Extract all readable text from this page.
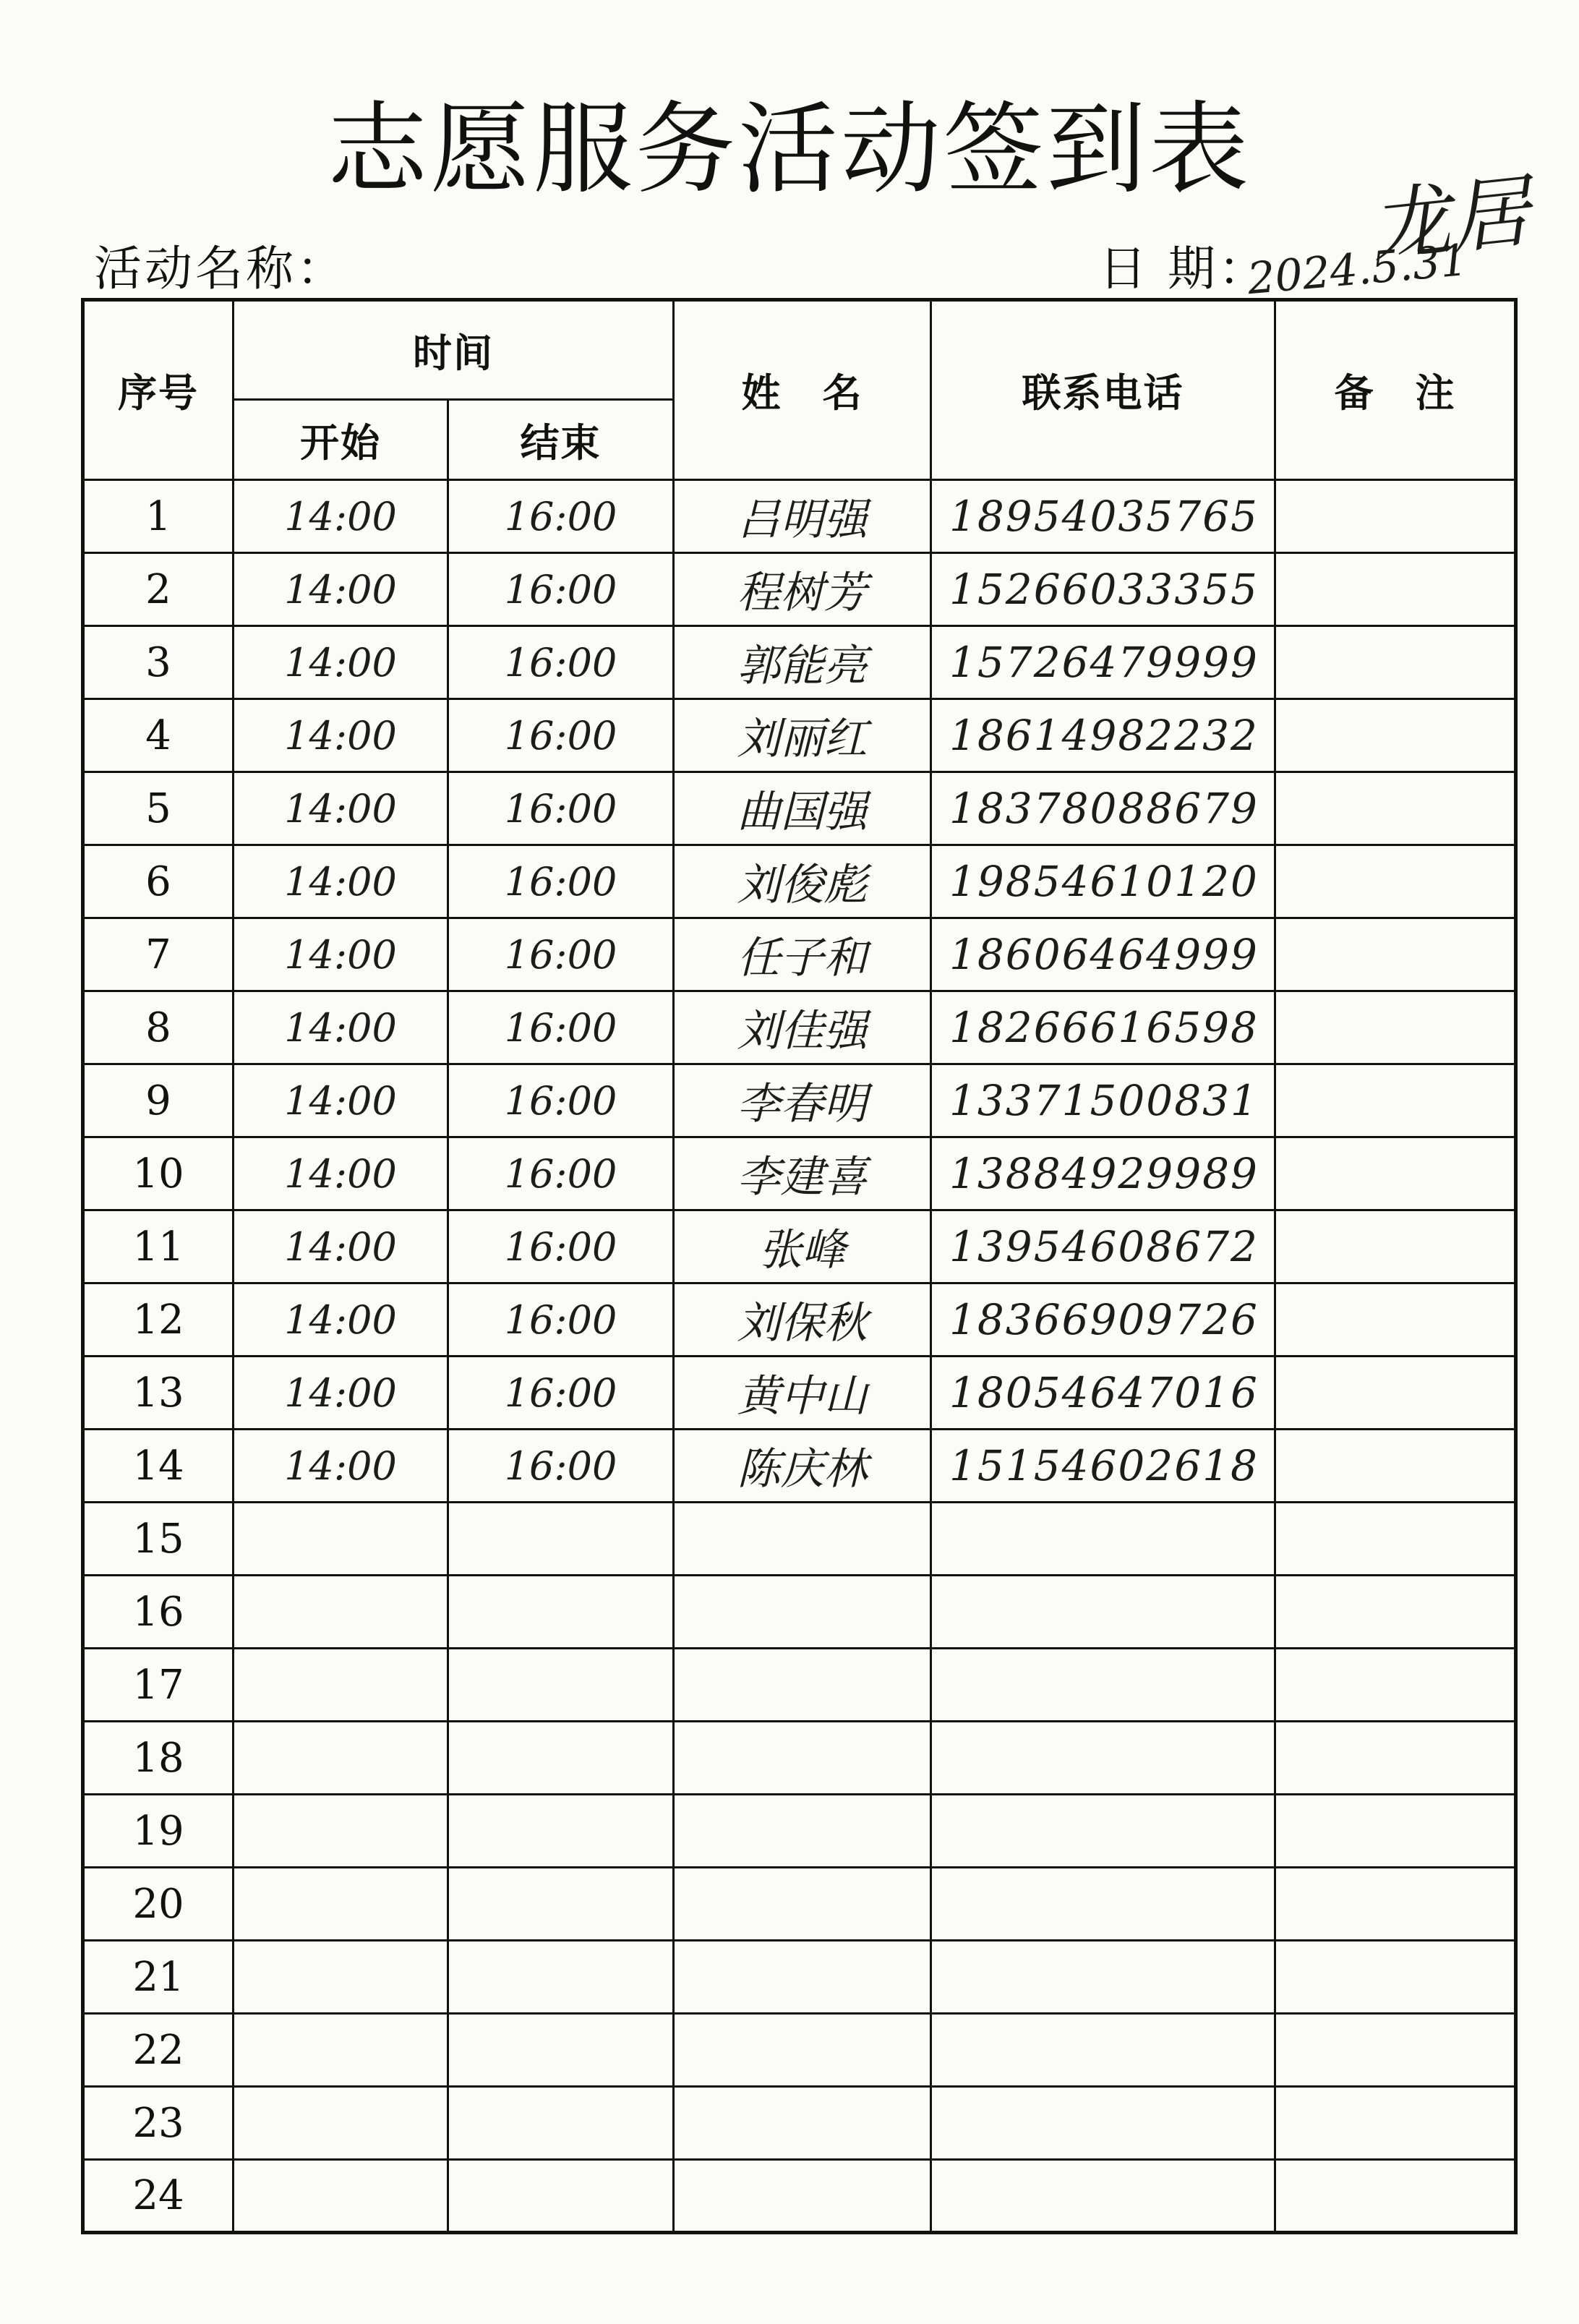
志愿服务活动签到表
龙居
活动名称：	日 期：
2024.5.31
序号	时间		姓　名	联系电话	备　注
	开始	结束			
1	14:00	16:00	吕明强	18954035765	
2	14:00	16:00	程树芳	15266033355	
3	14:00	16:00	郭能亮	15726479999	
4	14:00	16:00	刘丽红	18614982232	
5	14:00	16:00	曲国强	18378088679	
6	14:00	16:00	刘俊彪	19854610120	
7	14:00	16:00	任子和	18606464999	
8	14:00	16:00	刘佳强	18266616598	
9	14:00	16:00	李春明	13371500831	
10	14:00	16:00	李建喜	13884929989	
11	14:00	16:00	张峰	13954608672	
12	14:00	16:00	刘保秋	18366909726	
13	14:00	16:00	黄中山	18054647016	
14	14:00	16:00	陈庆林	15154602618	
15					
16					
17					
18					
19					
20					
21					
22					
23					
24					
